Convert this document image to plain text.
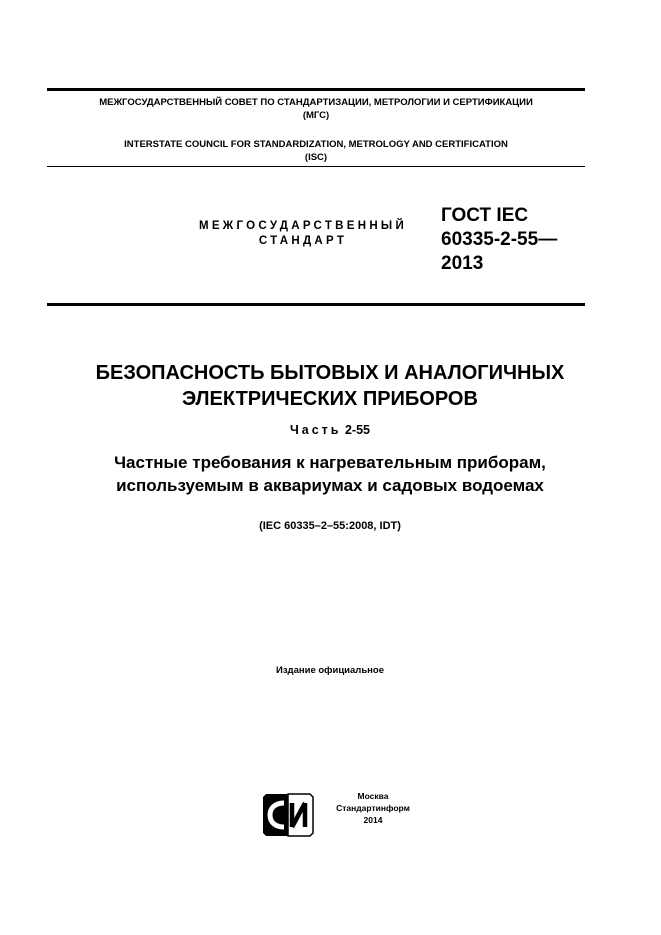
МЕЖГОСУДАРСТВЕННЫЙ СОВЕТ ПО СТАНДАРТИЗАЦИИ, МЕТРОЛОГИИ И СЕРТИФИКАЦИИ
(МГС)
INTERSTATE COUNCIL FOR STANDARDIZATION, METROLOGY AND CERTIFICATION
(ISC)
МЕЖГОСУДАРСТВЕННЫЙ
СТАНДАРТ
ГОСТ IEC
60335-2-55—
2013
БЕЗОПАСНОСТЬ БЫТОВЫХ И АНАЛОГИЧНЫХ
ЭЛЕКТРИЧЕСКИХ ПРИБОРОВ
Часть 2-55
Частные требования к нагревательным приборам,
используемым в аквариумах и садовых водоемах
(IEC 60335–2–55:2008, IDT)
Издание официальное
Москва
Стандартинформ
2014
